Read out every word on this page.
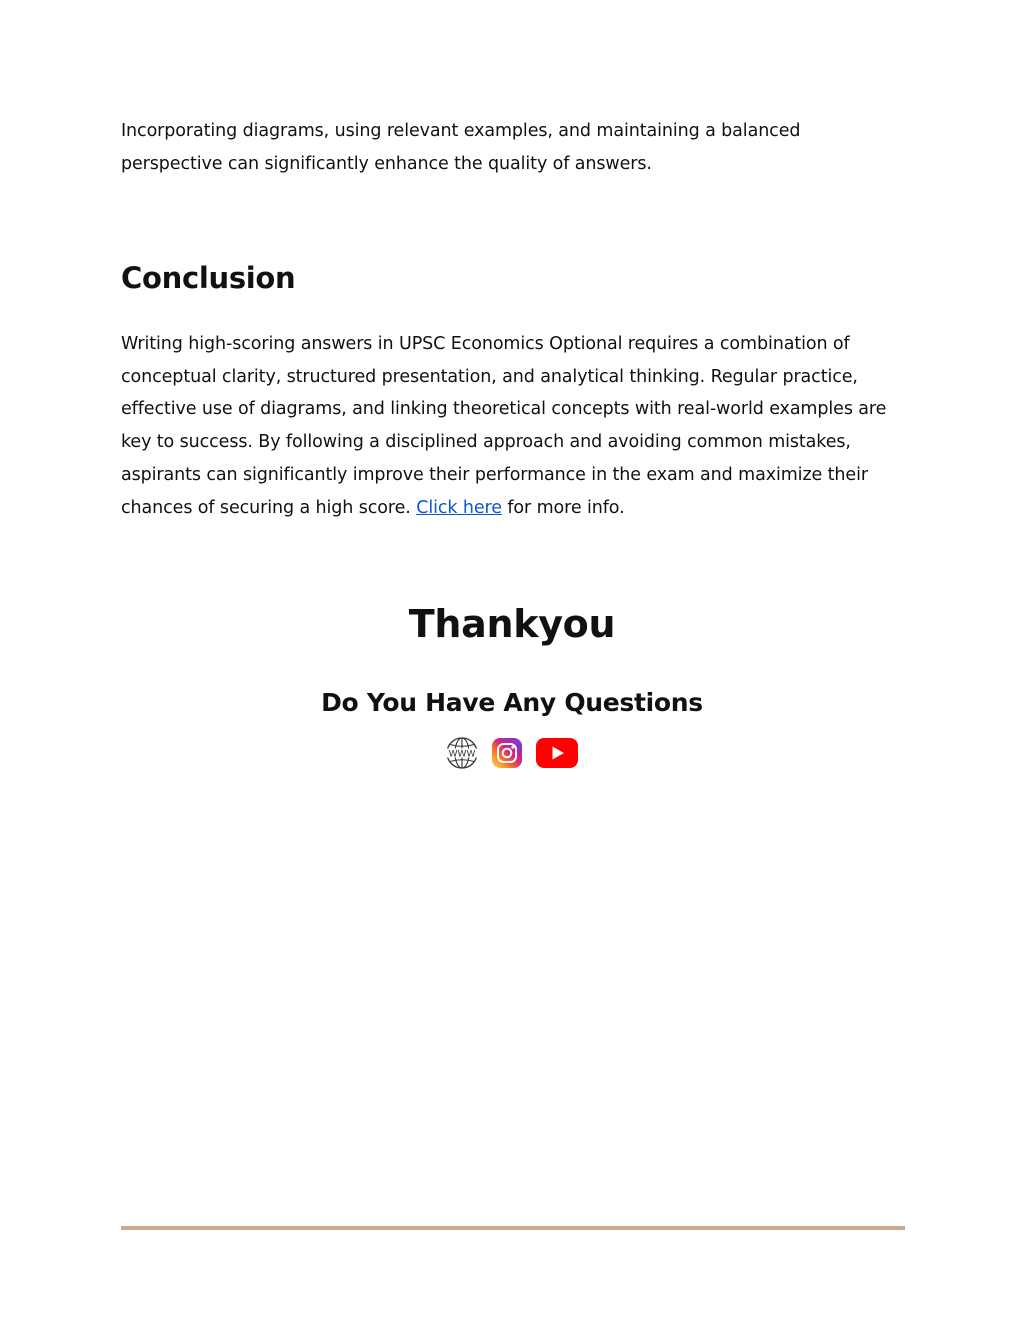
Incorporating diagrams, using relevant examples, and maintaining a balanced perspective can significantly enhance the quality of answers.

Conclusion

Writing high-scoring answers in UPSC Economics Optional requires a combination of conceptual clarity, structured presentation, and analytical thinking. Regular practice, effective use of diagrams, and linking theoretical concepts with real-world examples are key to success. By following a disciplined approach and avoiding common mistakes, aspirants can significantly improve their performance in the exam and maximize their chances of securing a high score. Click here for more info.

Thankyou
Do You Have Any Questions
WWW
